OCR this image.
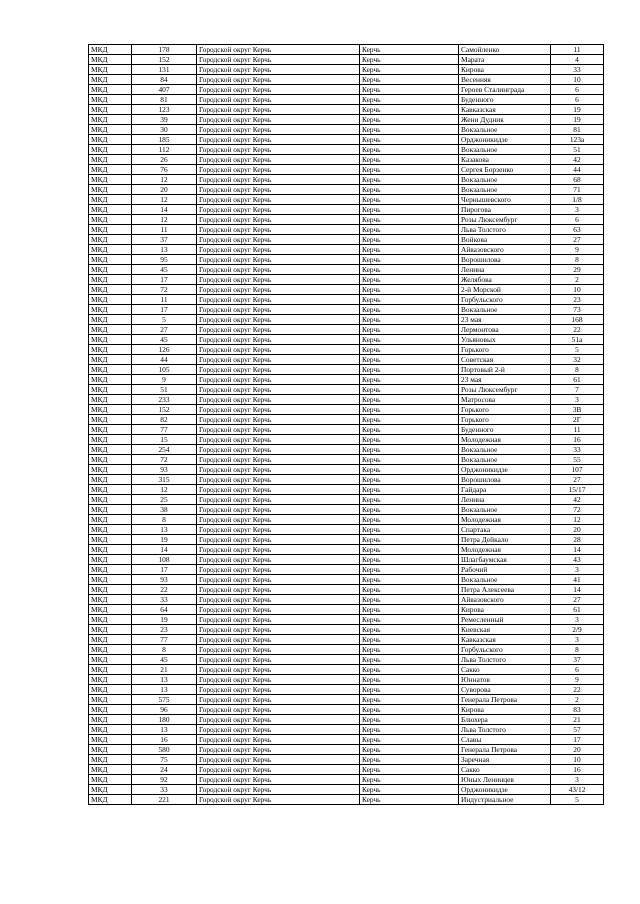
МКД	178	Городской округ Керчь	Керчь	Самойленко	11
МКД	152	Городской округ Керчь	Керчь	Марата	4
МКД	131	Городской округ Керчь	Керчь	Кирова	33
МКД	84	Городской округ Керчь	Керчь	Весенняя	10
МКД	407	Городской округ Керчь	Керчь	Героев Сталинграда	6
МКД	81	Городской округ Керчь	Керчь	Буденного	6
МКД	123	Городской округ Керчь	Керчь	Кавказская	19
МКД	39	Городской округ Керчь	Керчь	Жени Дудник	19
МКД	30	Городской округ Керчь	Керчь	Вокзальное	81
МКД	185	Городской округ Керчь	Керчь	Орджоникидзе	123а
МКД	112	Городской округ Керчь	Керчь	Вокзальное	51
МКД	26	Городской округ Керчь	Керчь	Казакова	42
МКД	76	Городской округ Керчь	Керчь	Сергея Борзенко	44
МКД	12	Городской округ Керчь	Керчь	Вокзальное	68
МКД	20	Городской округ Керчь	Керчь	Вокзальное	71
МКД	12	Городской округ Керчь	Керчь	Чернышевского	1/8
МКД	14	Городской округ Керчь	Керчь	Пирогова	3
МКД	12	Городской округ Керчь	Керчь	Розы Люксембург	6
МКД	11	Городской округ Керчь	Керчь	Льва Толстого	63
МКД	37	Городской округ Керчь	Керчь	Войкова	27
МКД	13	Городской округ Керчь	Керчь	Айвазовского	9
МКД	95	Городской округ Керчь	Керчь	Ворошилова	8
МКД	45	Городской округ Керчь	Керчь	Ленина	29
МКД	17	Городской округ Керчь	Керчь	Желябова	2
МКД	72	Городской округ Керчь	Керчь	2-й Морской	10
МКД	11	Городской округ Керчь	Керчь	Горбульского	23
МКД	17	Городской округ Керчь	Керчь	Вокзальное	73
МКД	5	Городской округ Керчь	Керчь	23 мая	168
МКД	27	Городской округ Керчь	Керчь	Лермонтова	22
МКД	45	Городской округ Керчь	Керчь	Ульяновых	51а
МКД	126	Городской округ Керчь	Керчь	Горького	5
МКД	44	Городской округ Керчь	Керчь	Советская	32
МКД	105	Городской округ Керчь	Керчь	Портовый 2-й	8
МКД	9	Городской округ Керчь	Керчь	23 мая	61
МКД	51	Городской округ Керчь	Керчь	Розы Люксембург	7
МКД	233	Городской округ Керчь	Керчь	Матросова	3
МКД	152	Городской округ Керчь	Керчь	Горького	3В
МКД	82	Городской округ Керчь	Керчь	Горького	2Г
МКД	77	Городской округ Керчь	Керчь	Буденного	11
МКД	15	Городской округ Керчь	Керчь	Молодежная	16
МКД	254	Городской округ Керчь	Керчь	Вокзальное	33
МКД	72	Городской округ Керчь	Керчь	Вокзальное	55
МКД	93	Городской округ Керчь	Керчь	Орджоникидзе	107
МКД	315	Городской округ Керчь	Керчь	Ворошилова	27
МКД	12	Городской округ Керчь	Керчь	Гайдара	15/17
МКД	25	Городской округ Керчь	Керчь	Ленина	42
МКД	38	Городской округ Керчь	Керчь	Вокзальное	72
МКД	8	Городской округ Керчь	Керчь	Молодежная	12
МКД	13	Городской округ Керчь	Керчь	Спартака	20
МКД	19	Городской округ Керчь	Керчь	Петра Дейкало	28
МКД	14	Городской округ Керчь	Керчь	Молодежная	14
МКД	108	Городской округ Керчь	Керчь	Шлагбаумская	43
МКД	17	Городской округ Керчь	Керчь	Рабочий	3
МКД	93	Городской округ Керчь	Керчь	Вокзальное	41
МКД	22	Городской округ Керчь	Керчь	Петра Алексеева	14
МКД	33	Городской округ Керчь	Керчь	Айвазовского	27
МКД	64	Городской округ Керчь	Керчь	Кирова	61
МКД	19	Городской округ Керчь	Керчь	Ремесленный	3
МКД	23	Городской округ Керчь	Керчь	Киевская	2/9
МКД	77	Городской округ Керчь	Керчь	Кавказская	3
МКД	8	Городской округ Керчь	Керчь	Горбульского	8
МКД	45	Городской округ Керчь	Керчь	Льва Толстого	37
МКД	21	Городской округ Керчь	Керчь	Сакко	6
МКД	13	Городской округ Керчь	Керчь	Юннатов	9
МКД	13	Городской округ Керчь	Керчь	Суворова	22
МКД	575	Городской округ Керчь	Керчь	Генерала Петрова	2
МКД	96	Городской округ Керчь	Керчь	Кирова	83
МКД	180	Городской округ Керчь	Керчь	Блюхера	21
МКД	13	Городской округ Керчь	Керчь	Льва Толстого	57
МКД	16	Городской округ Керчь	Керчь	Славы	17
МКД	580	Городской округ Керчь	Керчь	Генерала Петрова	20
МКД	75	Городской округ Керчь	Керчь	Заречная	10
МКД	24	Городской округ Керчь	Керчь	Сакко	16
МКД	92	Городской округ Керчь	Керчь	Юных Ленинцев	3
МКД	33	Городской округ Керчь	Керчь	Орджоникидзе	43/12
МКД	221	Городской округ Керчь	Керчь	Индустриальное	5
